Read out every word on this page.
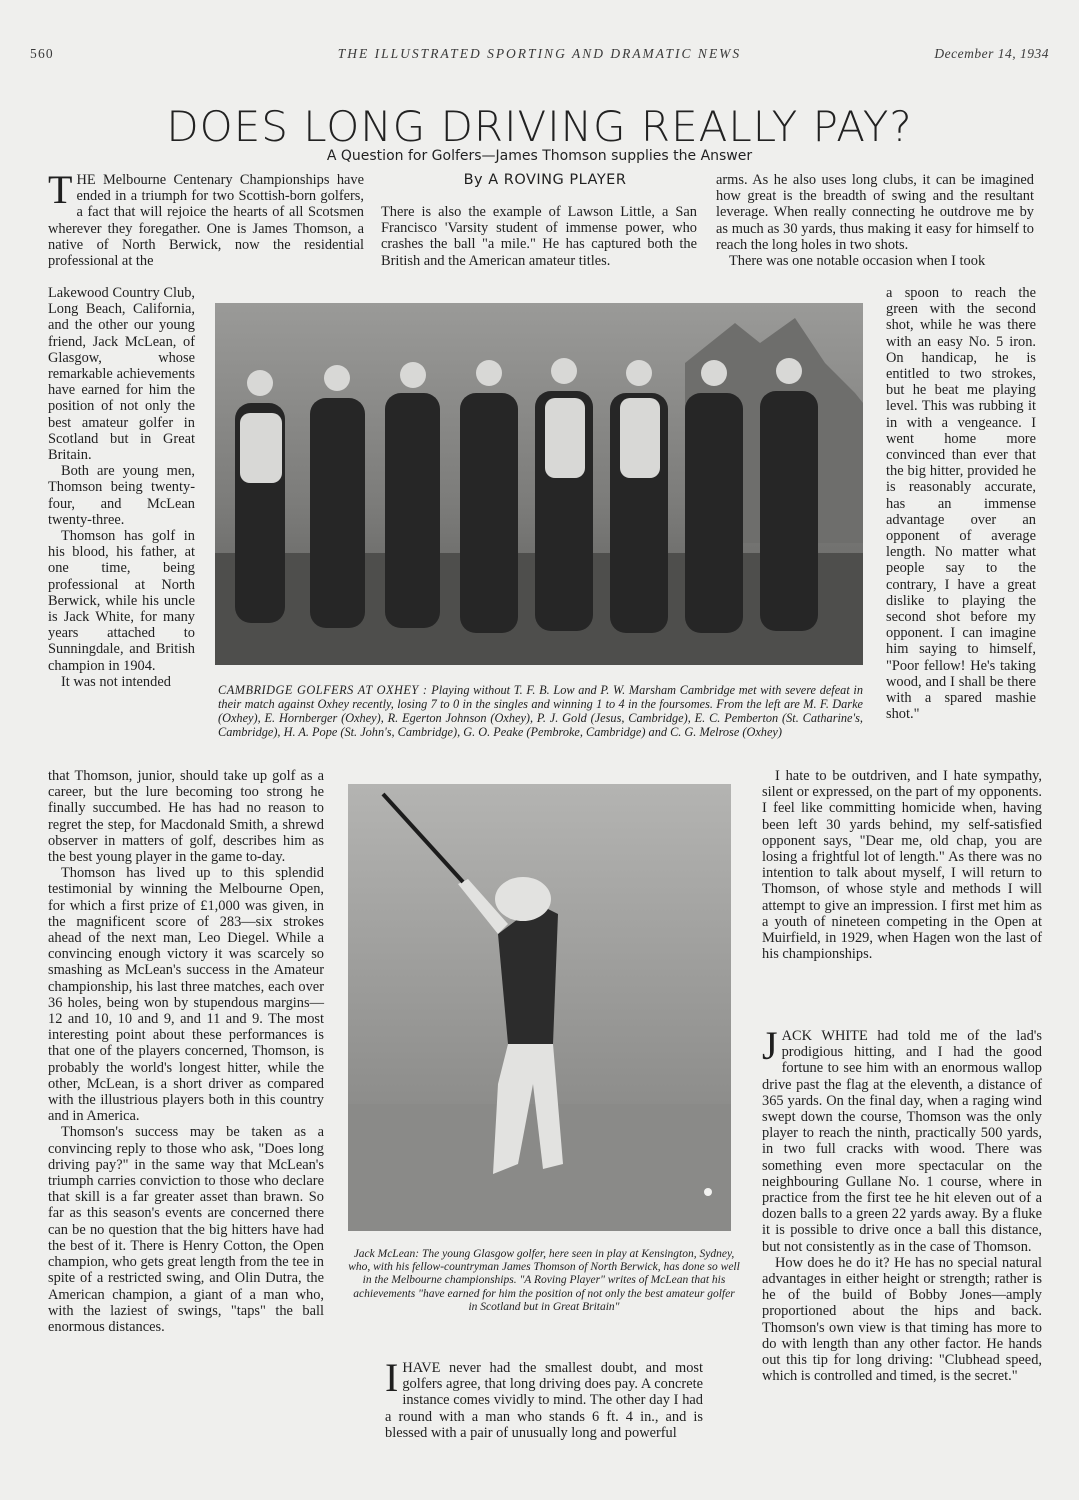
560	THE ILLUSTRATED SPORTING AND DRAMATIC NEWS	December 14, 1934
DOES LONG DRIVING REALLY PAY?
A Question for Golfers—James Thomson supplies the Answer
By A ROVING PLAYER

THE Melbourne Centenary Championships have ended in a triumph for two Scottish-born golfers, a fact that will rejoice the hearts of all Scotsmen wherever they foregather. One is James Thomson, a native of North Berwick, now the residential professional at the

Lakewood Country Club, Long Beach, California, and the other our young friend, Jack McLean, of Glasgow, whose remarkable achievements have earned for him the position of not only the best amateur golfer in Scotland but in Great Britain.

Both are young men, Thomson being twenty-four, and McLean twenty-three.

Thomson has golf in his blood, his father, at one time, being professional at North Berwick, while his uncle is Jack White, for many years attached to Sunningdale, and British champion in 1904.

It was not intended

that Thomson, junior, should take up golf as a career, but the lure becoming too strong he finally succumbed. He has had no reason to regret the step, for Macdonald Smith, a shrewd observer in matters of golf, describes him as the best young player in the game to-day.

Thomson has lived up to this splendid testimonial by winning the Melbourne Open, for which a first prize of £1,000 was given, in the magnificent score of 283—six strokes ahead of the next man, Leo Diegel. While a convincing enough victory it was scarcely so smashing as McLean's success in the Amateur championship, his last three matches, each over 36 holes, being won by stupendous margins—12 and 10, 10 and 9, and 11 and 9. The most interesting point about these performances is that one of the players concerned, Thomson, is probably the world's longest hitter, while the other, McLean, is a short driver as compared with the illustrious players both in this country and in America.

Thomson's success may be taken as a convincing reply to those who ask, "Does long driving pay?" in the same way that McLean's triumph carries conviction to those who declare that skill is a far greater asset than brawn. So far as this season's events are concerned there can be no question that the big hitters have had the best of it. There is Henry Cotton, the Open champion, who gets great length from the tee in spite of a restricted swing, and Olin Dutra, the American champion, a giant of a man who, with the laziest of swings, "taps" the ball enormous distances.

There is also the example of Lawson Little, a San Francisco 'Varsity student of immense power, who crashes the ball "a mile." He has captured both the British and the American amateur titles.

CAMBRIDGE GOLFERS AT OXHEY : Playing without T. F. B. Low and P. W. Marsham Cambridge met with severe defeat in their match against Oxhey recently, losing 7 to 0 in the singles and winning 1 to 4 in the foursomes. From the left are M. F. Darke (Oxhey), E. Hornberger (Oxhey), R. Egerton Johnson (Oxhey), P. J. Gold (Jesus, Cambridge), E. C. Pemberton (St. Catharine's, Cambridge), H. A. Pope (St. John's, Cambridge), G. O. Peake (Pembroke, Cambridge) and C. G. Melrose (Oxhey)

arms. As he also uses long clubs, it can be imagined how great is the breadth of swing and the resultant leverage. When really connecting he outdrove me by as much as 30 yards, thus making it easy for himself to reach the long holes in two shots.

There was one notable occasion when I took

a spoon to reach the green with the second shot, while he was there with an easy No. 5 iron. On handicap, he is entitled to two strokes, but he beat me playing level. This was rubbing it in with a vengeance. I went home more convinced than ever that the big hitter, provided he is reasonably accurate, has an immense advantage over an opponent of average length. No matter what people say to the contrary, I have a great dislike to playing the second shot before my opponent. I can imagine him saying to himself, "Poor fellow! He's taking wood, and I shall be there with a spared mashie shot."

I hate to be outdriven, and I hate sympathy, silent or expressed, on the part of my opponents. I feel like committing homicide when, having been left 30 yards behind, my self-satisfied opponent says, "Dear me, old chap, you are losing a frightful lot of length." As there was no intention to talk about myself, I will return to Thomson, of whose style and methods I will attempt to give an impression. I first met him as a youth of nineteen competing in the Open at Muirfield, in 1929, when Hagen won the last of his championships.

JACK WHITE had told me of the lad's prodigious hitting, and I had the good fortune to see him with an enormous wallop drive past the flag at the eleventh, a distance of 365 yards. On the final day, when a raging wind swept down the course, Thomson was the only player to reach the ninth, practically 500 yards, in two full cracks with wood. There was something even more spectacular on the neighbouring Gullane No. 1 course, where in practice from the first tee he hit eleven out of a dozen balls to a green 22 yards away. By a fluke it is possible to drive once a ball this distance, but not consistently as in the case of Thomson.

How does he do it? He has no special natural advantages in either height or strength; rather is he of the build of Bobby Jones—amply proportioned about the hips and back. Thomson's own view is that timing has more to do with length than any other factor. He hands out this tip for long driving: "Clubhead speed, which is controlled and timed, is the secret."

Jack McLean: The young Glasgow golfer, here seen in play at Kensington, Sydney, who, with his fellow-countryman James Thomson of North Berwick, has done so well in the Melbourne championships. "A Roving Player" writes of McLean that his achievements "have earned for him the position of not only the best amateur golfer in Scotland but in Great Britain"

IHAVE never had the smallest doubt, and most golfers agree, that long driving does pay. A concrete instance comes vividly to mind. The other day I had a round with a man who stands 6 ft. 4 in., and is blessed with a pair of unusually long and powerful
